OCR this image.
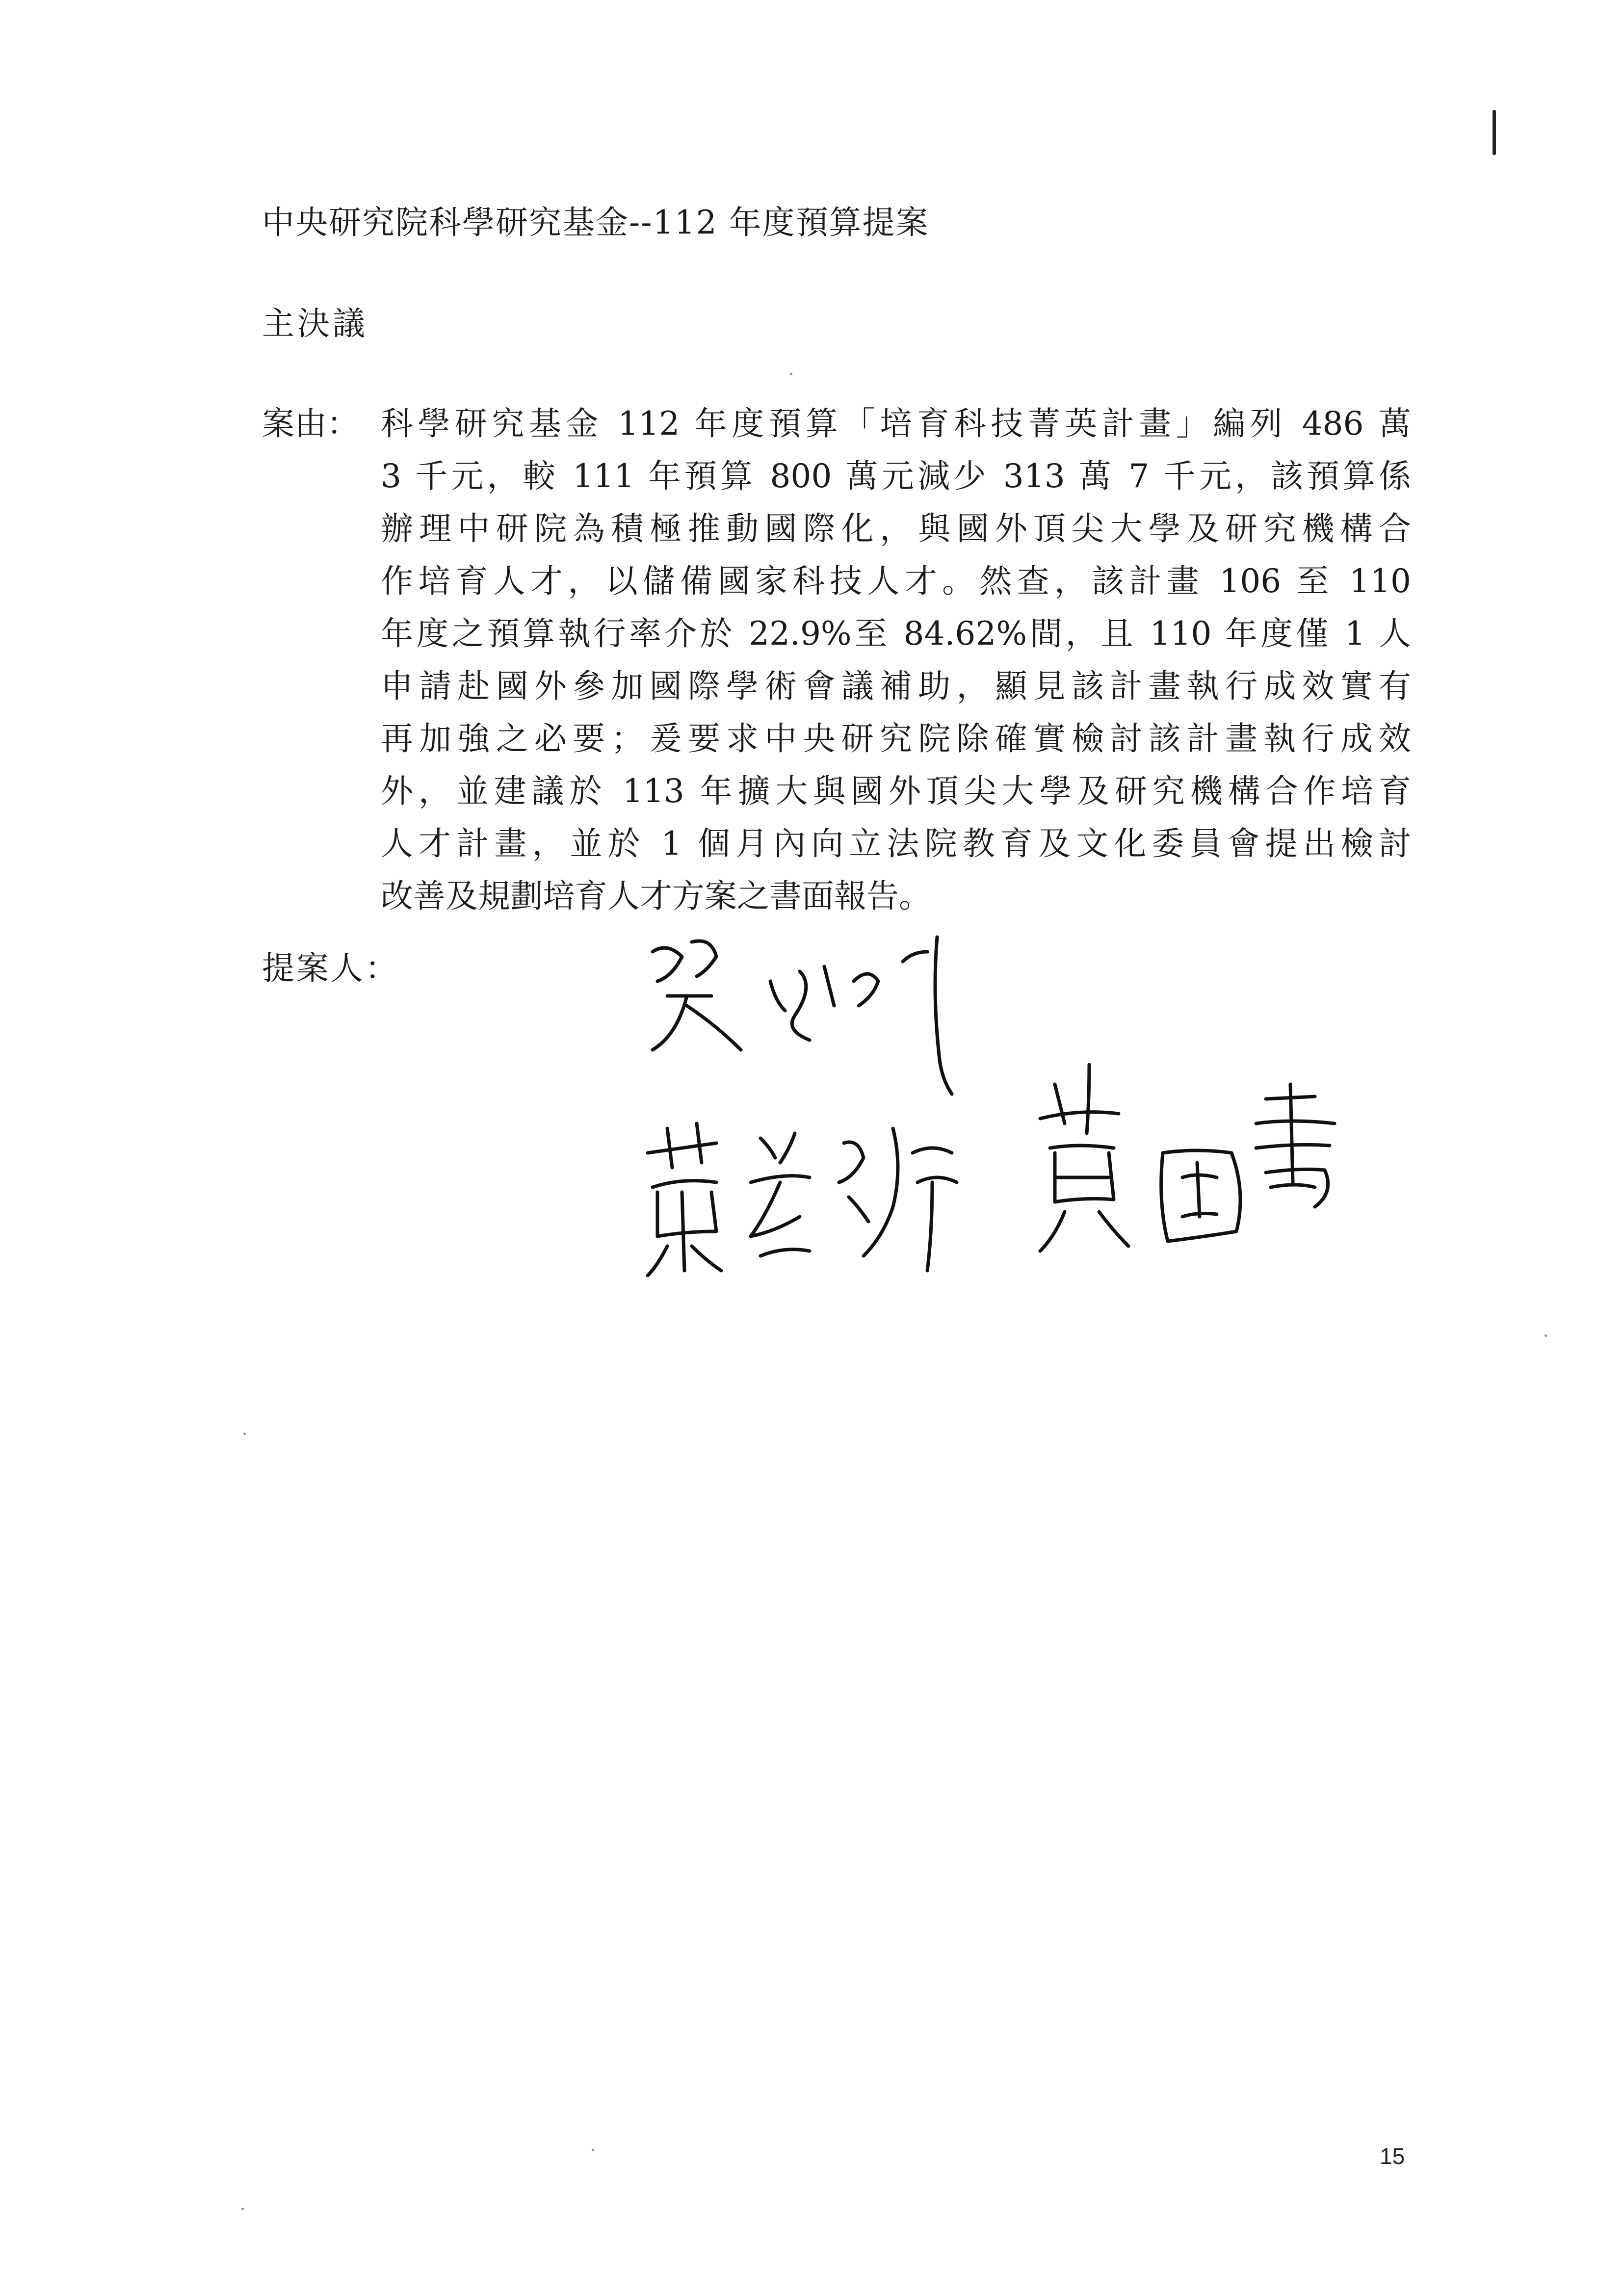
中央研究院科學研究基金--112 年度預算提案
主決議
案由： 科學研究基金 112 年度預算「培育科技菁英計畫」編列 486 萬
3 千元，較 111 年預算 800 萬元減少 313 萬 7 千元，該預算係
辦理中研院為積極推動國際化，與國外頂尖大學及研究機構合
作培育人才，以儲備國家科技人才。然查，該計畫 106 至 110
年度之預算執行率介於 22.9%至 84.62%間，且 110 年度僅 1 人
申請赴國外參加國際學術會議補助，顯見該計畫執行成效實有
再加強之必要；爰要求中央研究院除確實檢討該計畫執行成效
外，並建議於 113 年擴大與國外頂尖大學及研究機構合作培育
人才計畫，並於 1 個月內向立法院教育及文化委員會提出檢討
改善及規劃培育人才方案之書面報告。
提案人：
15
